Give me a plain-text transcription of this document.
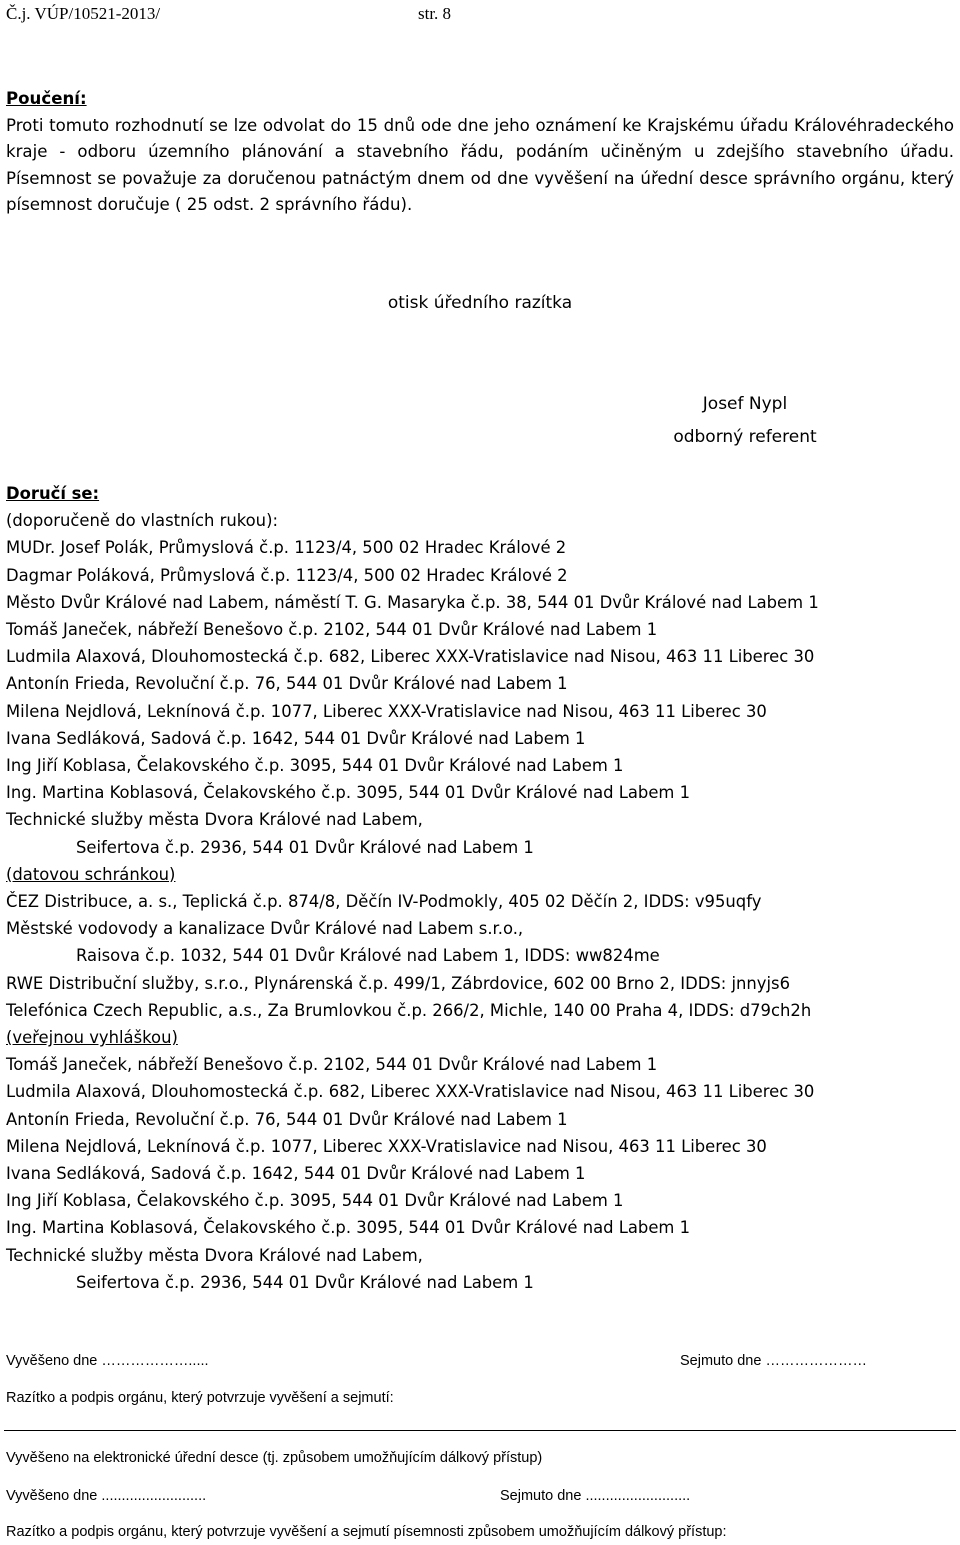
Č.j. VÚP/10521-2013/	str. 8
Poučení:
Proti tomuto rozhodnutí se lze odvolat do 15 dnů ode dne jeho oznámení ke Krajskému úřadu Královéhradeckého kraje - odboru územního plánování a stavebního řádu, podáním učiněným u zdejšího stavebního úřadu. Písemnost se považuje za doručenou patnáctým dnem od dne vyvěšení na úřední desce správního orgánu, který písemnost doručuje ( 25 odst. 2 správního řádu).
otisk úředního razítka
Josef Nypl
odborný referent
Doručí se:
(doporučeně do vlastních rukou):
MUDr. Josef Polák, Průmyslová č.p. 1123/4, 500 02 Hradec Králové 2
Dagmar Poláková, Průmyslová č.p. 1123/4, 500 02 Hradec Králové 2
Město Dvůr Králové nad Labem, náměstí T. G. Masaryka č.p. 38, 544 01 Dvůr Králové nad Labem 1
Tomáš Janeček, nábřeží Benešovo č.p. 2102, 544 01 Dvůr Králové nad Labem 1
Ludmila Alaxová, Dlouhomostecká č.p. 682, Liberec XXX-Vratislavice nad Nisou, 463 11 Liberec 30
Antonín Frieda, Revoluční č.p. 76, 544 01 Dvůr Králové nad Labem 1
Milena Nejdlová, Leknínová č.p. 1077, Liberec XXX-Vratislavice nad Nisou, 463 11 Liberec 30
Ivana Sedláková, Sadová č.p. 1642, 544 01 Dvůr Králové nad Labem 1
Ing Jiří Koblasa, Čelakovského č.p. 3095, 544 01 Dvůr Králové nad Labem 1
Ing. Martina Koblasová, Čelakovského č.p. 3095, 544 01 Dvůr Králové nad Labem 1
Technické služby města Dvora Králové nad Labem,
Seifertova č.p. 2936, 544 01 Dvůr Králové nad Labem 1
(datovou schránkou)
ČEZ Distribuce, a. s., Teplická č.p. 874/8, Děčín IV-Podmokly, 405 02 Děčín 2, IDDS: v95uqfy
Městské vodovody a kanalizace Dvůr Králové nad Labem s.r.o.,
Raisova č.p. 1032, 544 01 Dvůr Králové nad Labem 1, IDDS: ww824me
RWE Distribuční služby, s.r.o., Plynárenská č.p. 499/1, Zábrdovice, 602 00 Brno 2, IDDS: jnnyjs6
Telefónica Czech Republic, a.s., Za Brumlovkou č.p. 266/2, Michle, 140 00 Praha 4, IDDS: d79ch2h
(veřejnou vyhláškou)
Tomáš Janeček, nábřeží Benešovo č.p. 2102, 544 01 Dvůr Králové nad Labem 1
Ludmila Alaxová, Dlouhomostecká č.p. 682, Liberec XXX-Vratislavice nad Nisou, 463 11 Liberec 30
Antonín Frieda, Revoluční č.p. 76, 544 01 Dvůr Králové nad Labem 1
Milena Nejdlová, Leknínová č.p. 1077, Liberec XXX-Vratislavice nad Nisou, 463 11 Liberec 30
Ivana Sedláková, Sadová č.p. 1642, 544 01 Dvůr Králové nad Labem 1
Ing Jiří Koblasa, Čelakovského č.p. 3095, 544 01 Dvůr Králové nad Labem 1
Ing. Martina Koblasová, Čelakovského č.p. 3095, 544 01 Dvůr Králové nad Labem 1
Technické služby města Dvora Králové nad Labem,
Seifertova č.p. 2936, 544 01 Dvůr Králové nad Labem 1
Vyvěšeno dne ……………….....	Sejmuto dne …………………
Razítko a podpis orgánu, který potvrzuje vyvěšení a sejmutí:
Vyvěšeno na elektronické úřední desce (tj. způsobem umožňujícím dálkový přístup)
Vyvěšeno dne ..........................	Sejmuto dne ..........................
Razítko a podpis orgánu, který potvrzuje vyvěšení a sejmutí písemnosti způsobem umožňujícím dálkový přístup:
